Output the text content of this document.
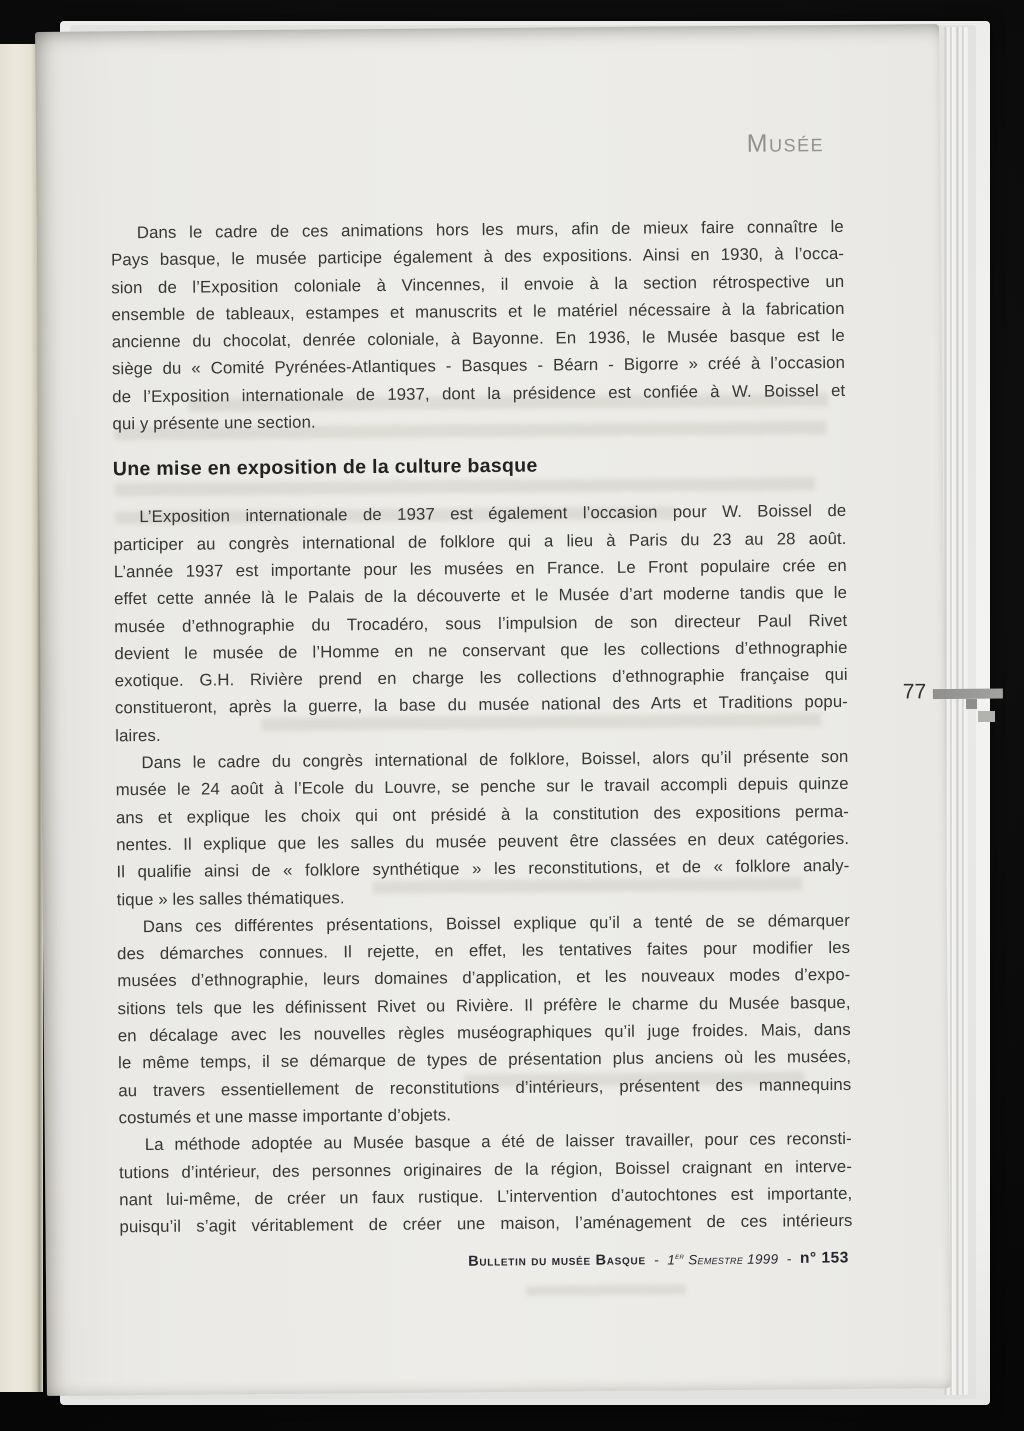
Musée
Dans le cadre de ces animations hors les murs, afin de mieux faire connaître le
Pays basque, le musée participe également à des expositions. Ainsi en 1930, à l’occa-
sion de l’Exposition coloniale à Vincennes, il envoie à la section rétrospective un
ensemble de tableaux, estampes et manuscrits et le matériel nécessaire à la fabrication
ancienne du chocolat, denrée coloniale, à Bayonne. En 1936, le Musée basque est le
siège du « Comité Pyrénées-Atlantiques - Basques - Béarn - Bigorre » créé à l’occasion
de l’Exposition internationale de 1937, dont la présidence est confiée à W. Boissel et
qui y présente une section.
Une mise en exposition de la culture basque
L’Exposition internationale de 1937 est également l’occasion pour W. Boissel de
participer au congrès international de folklore qui a lieu à Paris du 23 au 28 août.
L’année 1937 est importante pour les musées en France. Le Front populaire crée en
effet cette année là le Palais de la découverte et le Musée d’art moderne tandis que le
musée d’ethnographie du Trocadéro, sous l’impulsion de son directeur Paul Rivet
devient le musée de l’Homme en ne conservant que les collections d’ethnographie
exotique. G.H. Rivière prend en charge les collections d’ethnographie française qui
constitueront, après la guerre, la base du musée national des Arts et Traditions popu-
laires.
Dans le cadre du congrès international de folklore, Boissel, alors qu’il présente son
musée le 24 août à l’Ecole du Louvre, se penche sur le travail accompli depuis quinze
ans et explique les choix qui ont présidé à la constitution des expositions perma-
nentes. Il explique que les salles du musée peuvent être classées en deux catégories.
Il qualifie ainsi de « folklore synthétique » les reconstitutions, et de « folklore analy-
tique » les salles thématiques.
Dans ces différentes présentations, Boissel explique qu’il a tenté de se démarquer
des démarches connues. Il rejette, en effet, les tentatives faites pour modifier les
musées d’ethnographie, leurs domaines d’application, et les nouveaux modes d’expo-
sitions tels que les définissent Rivet ou Rivière. Il préfère le charme du Musée basque,
en décalage avec les nouvelles règles muséographiques qu’il juge froides. Mais, dans
le même temps, il se démarque de types de présentation plus anciens où les musées,
au travers essentiellement de reconstitutions d’intérieurs, présentent des mannequins
costumés et une masse importante d’objets.
La méthode adoptée au Musée basque a été de laisser travailler, pour ces reconsti-
tutions d’intérieur, des personnes originaires de la région, Boissel craignant en interve-
nant lui-même, de créer un faux rustique. L’intervention d’autochtones est importante,
puisqu’il s’agit véritablement de créer une maison, l’aménagement de ces intérieurs
77
Bulletin du musée Basque - 1er Semestre 1999 - n° 153
